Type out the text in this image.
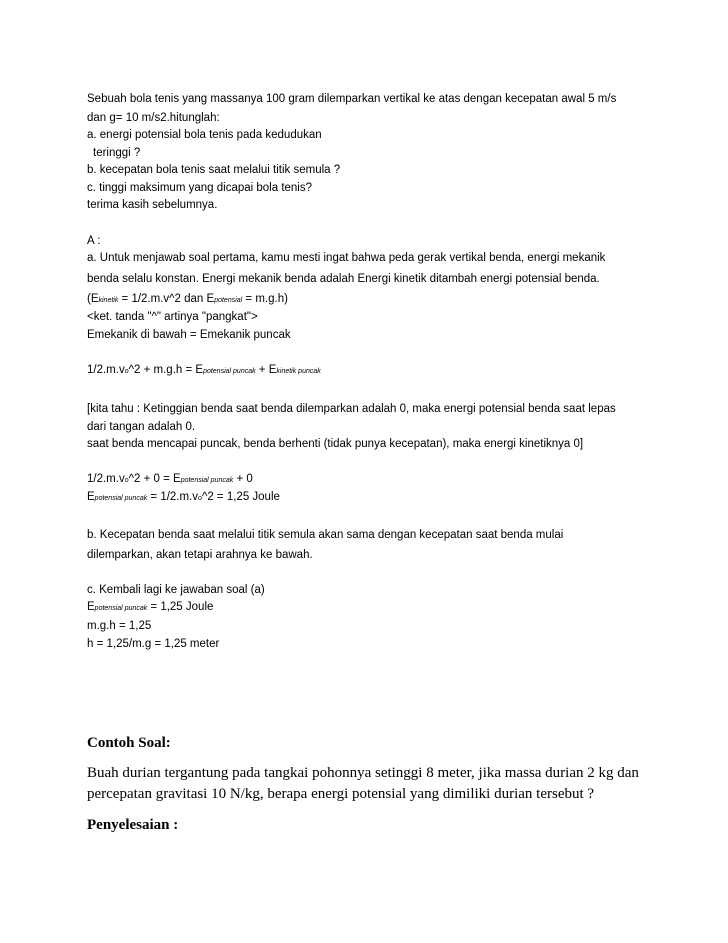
Sebuah bola tenis yang massanya 100 gram dilemparkan vertikal ke atas dengan kecepatan awal 5 m/s
dan g= 10 m/s2.hitunglah:
a. energi potensial bola tenis pada kedudukan
teringgi ?
b. kecepatan bola tenis saat melalui titik semula ?
c. tinggi maksimum yang dicapai bola tenis?
terima kasih sebelumnya.
A :
a. Untuk menjawab soal pertama, kamu mesti ingat bahwa peda gerak vertikal benda, energi mekanik
benda selalu konstan. Energi mekanik benda adalah Energi kinetik ditambah energi potensial benda.
(Ekinetik = 1/2.m.v^2 dan Epotensial = m.g.h)
<ket. tanda "^" artinya "pangkat">
Emekanik di bawah = Emekanik puncak
1/2.m.vo^2 + m.g.h = Epotensial puncak + Ekinetik puncak
[kita tahu : Ketinggian benda saat benda dilemparkan adalah 0, maka energi potensial benda saat lepas
dari tangan adalah 0.
saat benda mencapai puncak, benda berhenti (tidak punya kecepatan), maka energi kinetiknya 0]
1/2.m.vo^2 + 0 = Epotensial puncak + 0
Epotensial puncak = 1/2.m.vo^2 = 1,25 Joule
b. Kecepatan benda saat melalui titik semula akan sama dengan kecepatan saat benda mulai
dilemparkan, akan tetapi arahnya ke bawah.
c. Kembali lagi ke jawaban soal (a)
Epotensial puncak = 1,25 Joule
m.g.h = 1,25
h = 1,25/m.g = 1,25 meter
Contoh Soal:
Buah durian tergantung pada tangkai pohonnya setinggi 8 meter, jika massa durian 2 kg dan
percepatan gravitasi 10 N/kg, berapa energi potensial yang dimiliki durian tersebut ?
Penyelesaian :
